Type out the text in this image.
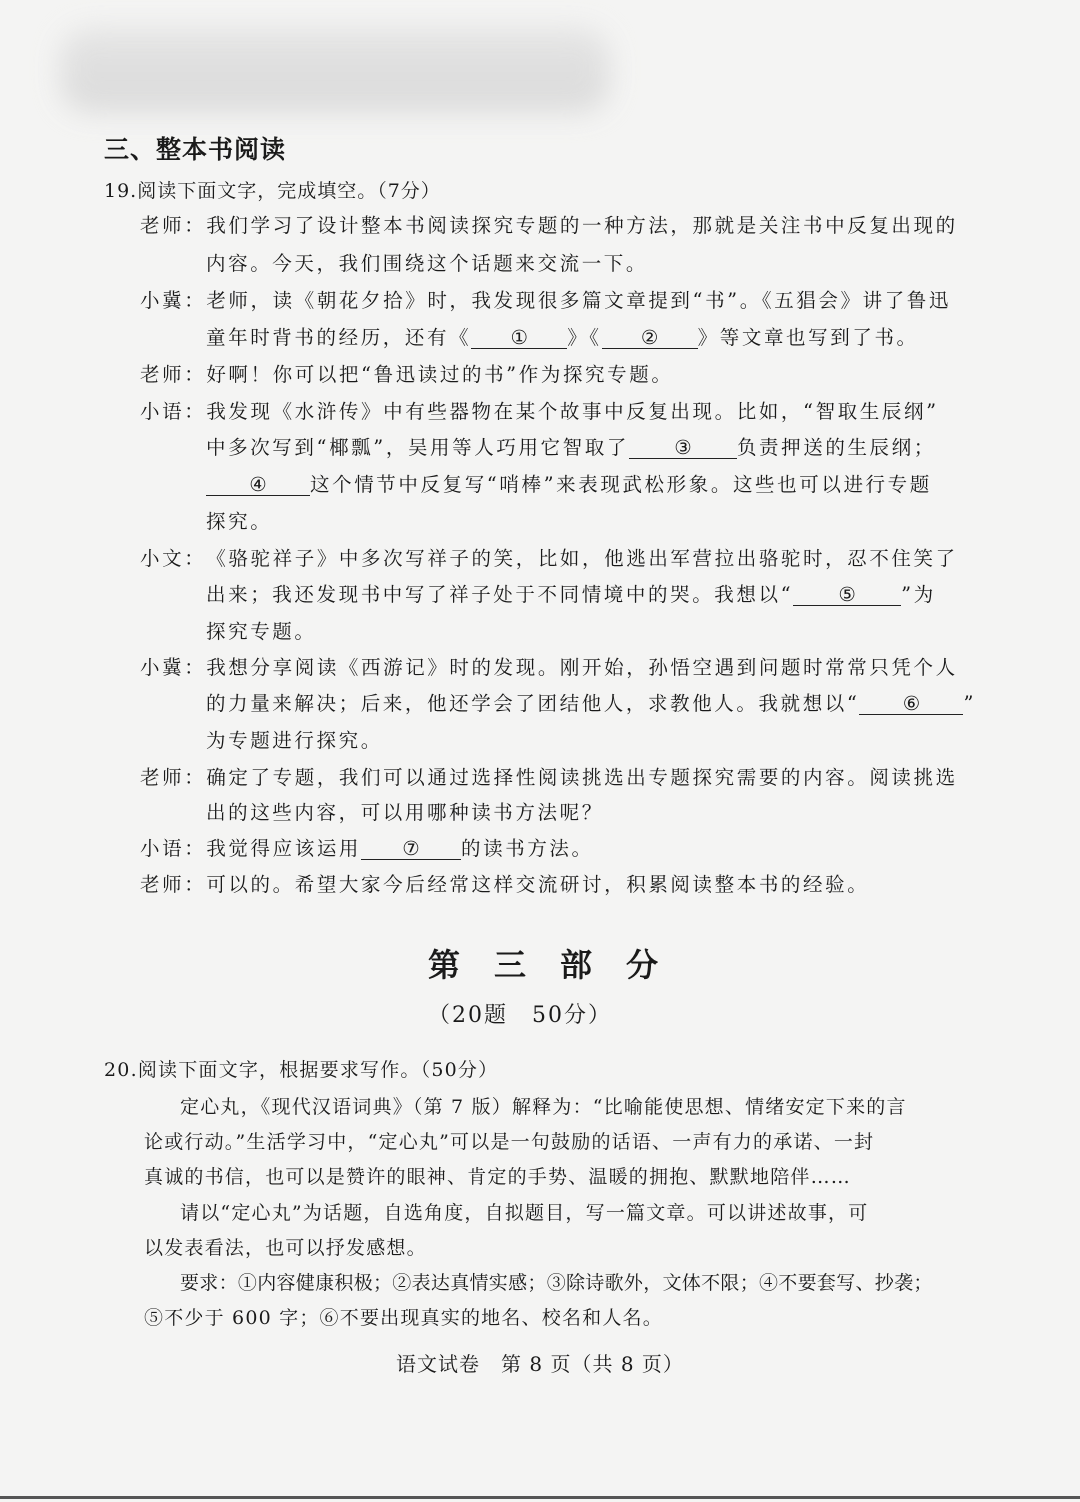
三、整本书阅读
19.阅读下面文字，完成填空。（7分）
老师：我们学习了设计整本书阅读探究专题的一种方法，那就是关注书中反复出现的
内容。今天，我们围绕这个话题来交流一下。
小冀：老师，读《朝花夕拾》时，我发现很多篇文章提到“书”。《五猖会》讲了鲁迅
童年时背书的经历，还有《 ① 》《 ② 》等文章也写到了书。
老师：好啊！你可以把“鲁迅读过的书”作为探究专题。
小语：我发现《水浒传》中有些器物在某个故事中反复出现。比如，“智取生辰纲”
中多次写到“椰瓢”，吴用等人巧用它智取了 ③ 负责押送的生辰纲；
④ 这个情节中反复写“哨棒”来表现武松形象。这些也可以进行专题
探究。
小文：《骆驼祥子》中多次写祥子的笑，比如，他逃出军营拉出骆驼时，忍不住笑了
出来；我还发现书中写了祥子处于不同情境中的哭。我想以“ ⑤ ”为
探究专题。
小冀：我想分享阅读《西游记》时的发现。刚开始，孙悟空遇到问题时常常只凭个人
的力量来解决；后来，他还学会了团结他人，求教他人。我就想以“ ⑥ ”
为专题进行探究。
老师：确定了专题，我们可以通过选择性阅读挑选出专题探究需要的内容。阅读挑选
出的这些内容，可以用哪种读书方法呢？
小语：我觉得应该运用 ⑦ 的读书方法。
老师：可以的。希望大家今后经常这样交流研讨，积累阅读整本书的经验。
第三部分
（20题　50分）
20.阅读下面文字，根据要求写作。（50分）
定心丸，《现代汉语词典》（第 7 版）解释为：“比喻能使思想、情绪安定下来的言
论或行动。”生活学习中，“定心丸”可以是一句鼓励的话语、一声有力的承诺、一封
真诚的书信，也可以是赞许的眼神、肯定的手势、温暖的拥抱、默默地陪伴……
请以“定心丸”为话题，自选角度，自拟题目，写一篇文章。可以讲述故事，可
以发表看法，也可以抒发感想。
要求：①内容健康积极；②表达真情实感；③除诗歌外，文体不限；④不要套写、抄袭；
⑤不少于 600 字；⑥不要出现真实的地名、校名和人名。
语文试卷　第 8 页（共 8 页）
